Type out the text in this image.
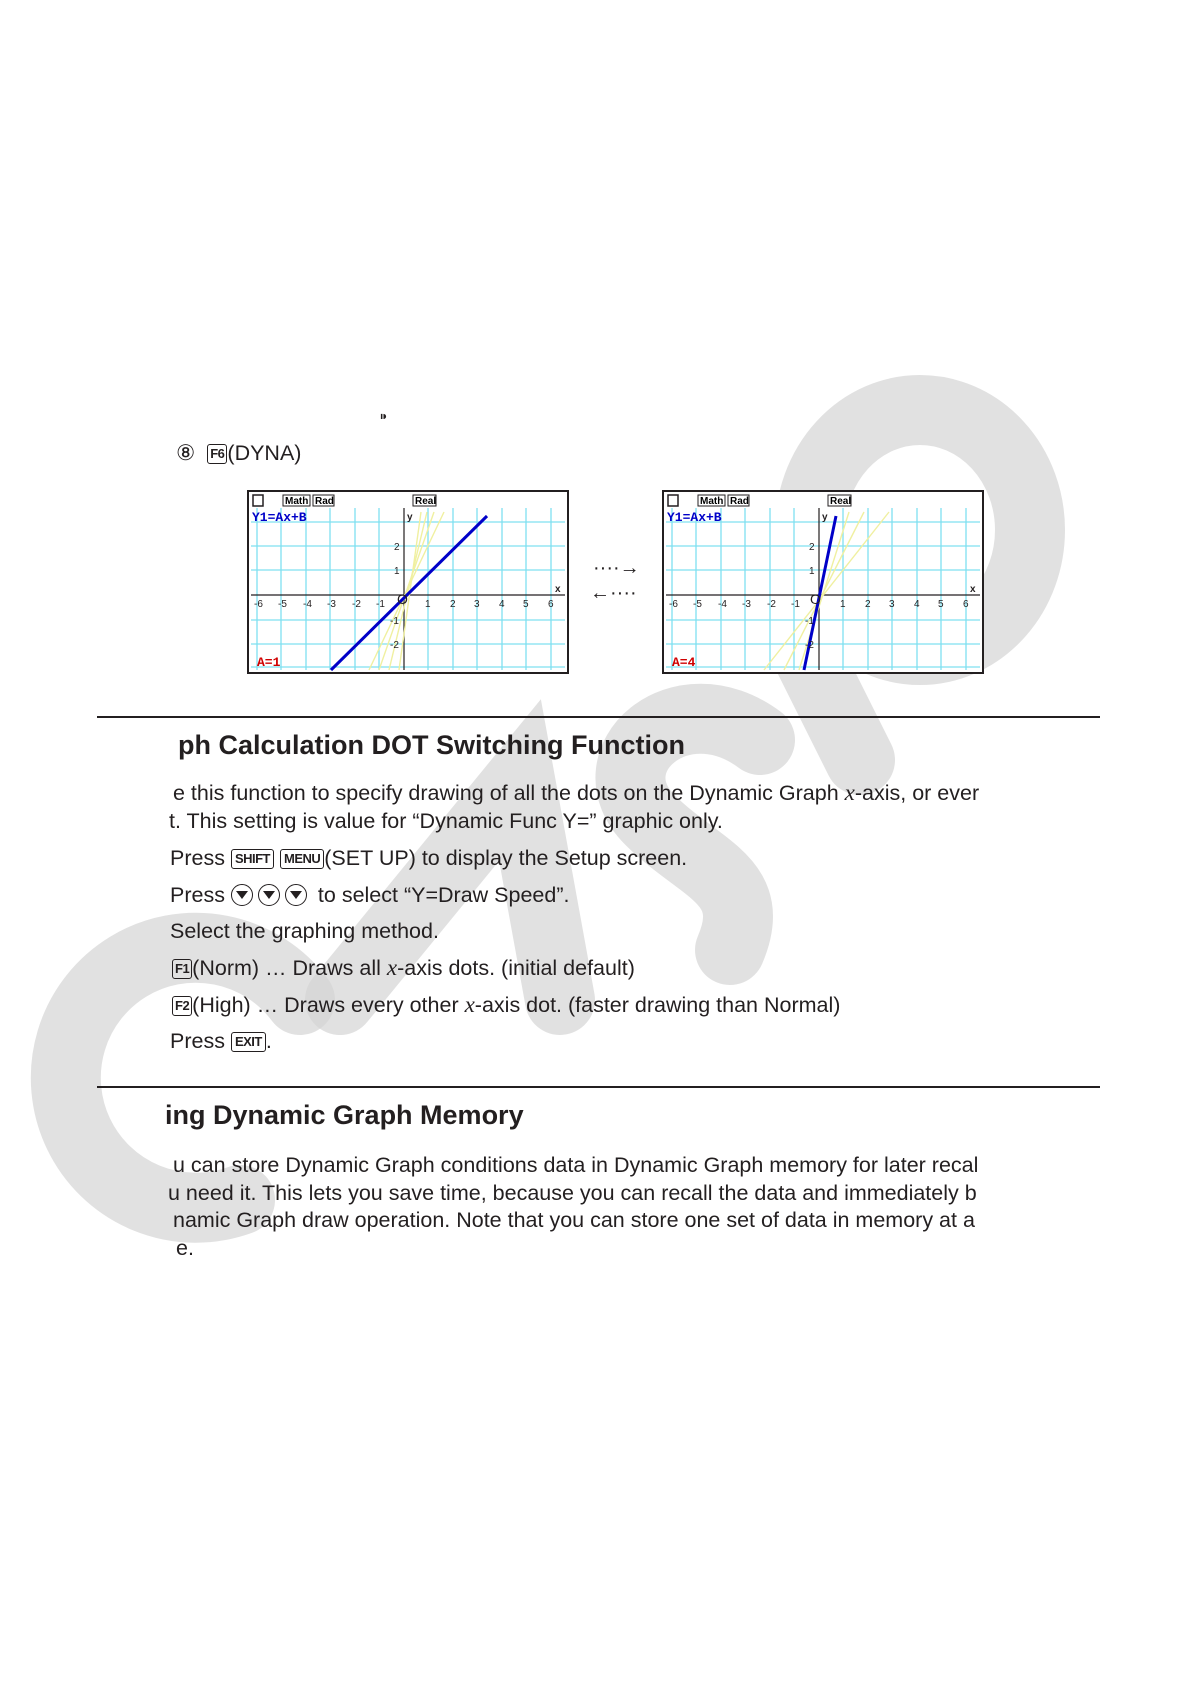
⁍
⑧ F6 (DYNA)
Math Rad	Real
-6 -5 -4 -3 -2 -1	1 2 3 4 5 6
2
1
-1
-2
y
x
O
Y1=Ax+B
A=1
····→
←····
Math Rad	Real
-6 -5 -4 -3 -2 -1	1 2 3 4 5 6
2
1
-1
-2
y
x
O
Y1=Ax+B
A=4
ph Calculation DOT Switching Function
e this function to specify drawing of all the dots on the Dynamic Graph x-axis, or ever
t. This setting is value for “Dynamic Func Y=” graphic only.
Press SHIFT MENU (SET UP) to display the Setup screen.
Press	to select “Y=Draw Speed”.
Select the graphing method.
F1 (Norm) … Draws all x-axis dots. (initial default)
F2 (High) … Draws every other x-axis dot. (faster drawing than Normal)
Press EXIT .
ing Dynamic Graph Memory
u can store Dynamic Graph conditions data in Dynamic Graph memory for later recal
u need it. This lets you save time, because you can recall the data and immediately b
namic Graph draw operation. Note that you can store one set of data in memory at a
e.
